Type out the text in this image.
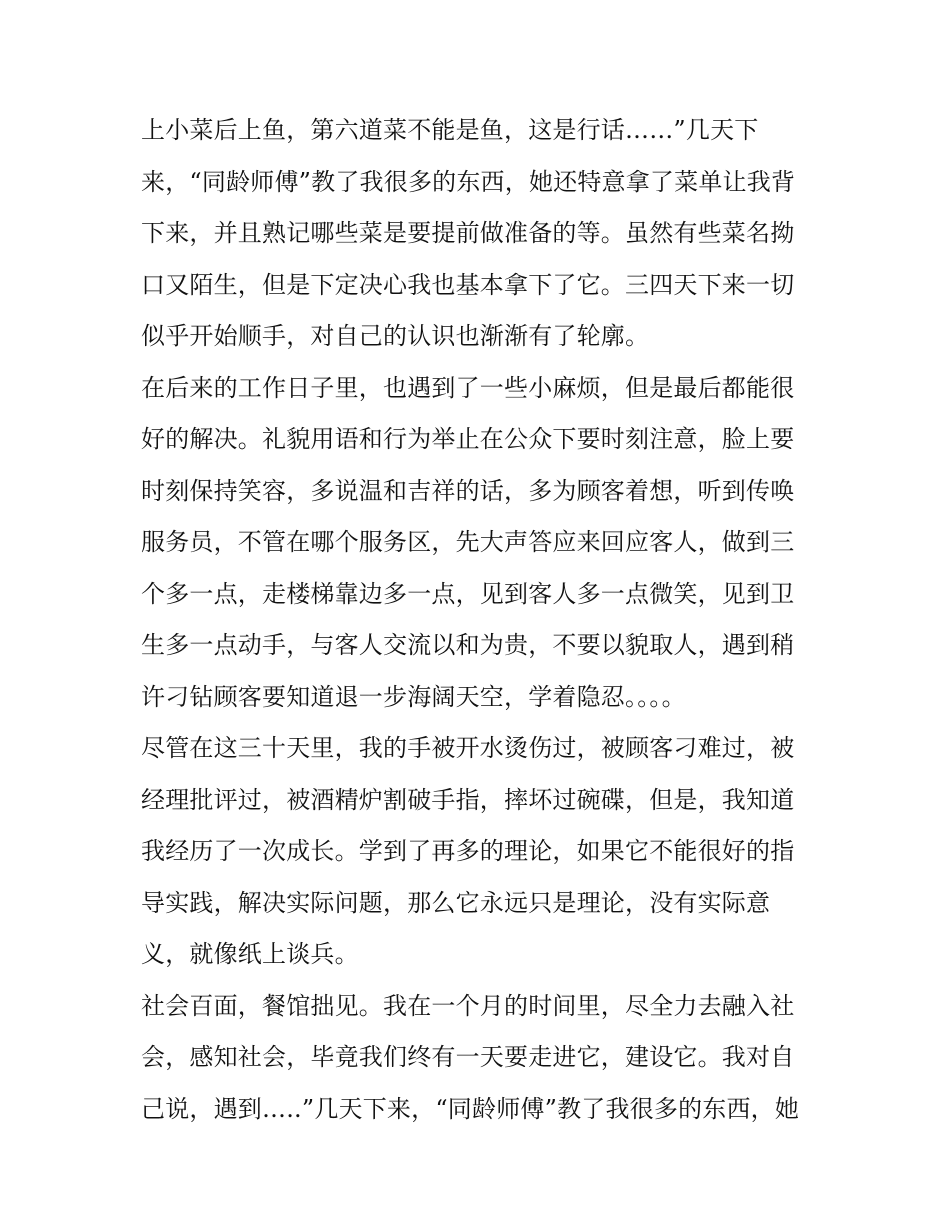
上小菜后上鱼，第六道菜不能是鱼，这是行话……”几天下
来，“同龄师傅”教了我很多的东西，她还特意拿了菜单让我背
下来，并且熟记哪些菜是要提前做准备的等。虽然有些菜名拗
口又陌生，但是下定决心我也基本拿下了它。三四天下来一切
似乎开始顺手，对自己的认识也渐渐有了轮廓。
在后来的工作日子里，也遇到了一些小麻烦，但是最后都能很
好的解决。礼貌用语和行为举止在公众下要时刻注意，脸上要
时刻保持笑容，多说温和吉祥的话，多为顾客着想，听到传唤
服务员，不管在哪个服务区，先大声答应来回应客人，做到三
个多一点，走楼梯靠边多一点，见到客人多一点微笑，见到卫
生多一点动手，与客人交流以和为贵，不要以貌取人，遇到稍
许刁钻顾客要知道退一步海阔天空，学着隐忍。。。。
尽管在这三十天里，我的手被开水烫伤过，被顾客刁难过，被
经理批评过，被酒精炉割破手指，摔坏过碗碟，但是，我知道
我经历了一次成长。学到了再多的理论，如果它不能很好的指
导实践，解决实际问题，那么它永远只是理论，没有实际意
义，就像纸上谈兵。
社会百面，餐馆拙见。我在一个月的时间里，尽全力去融入社
会，感知社会，毕竟我们终有一天要走进它，建设它。我对自
己说，遇到…..”几天下来，“同龄师傅”教了我很多的东西，她
